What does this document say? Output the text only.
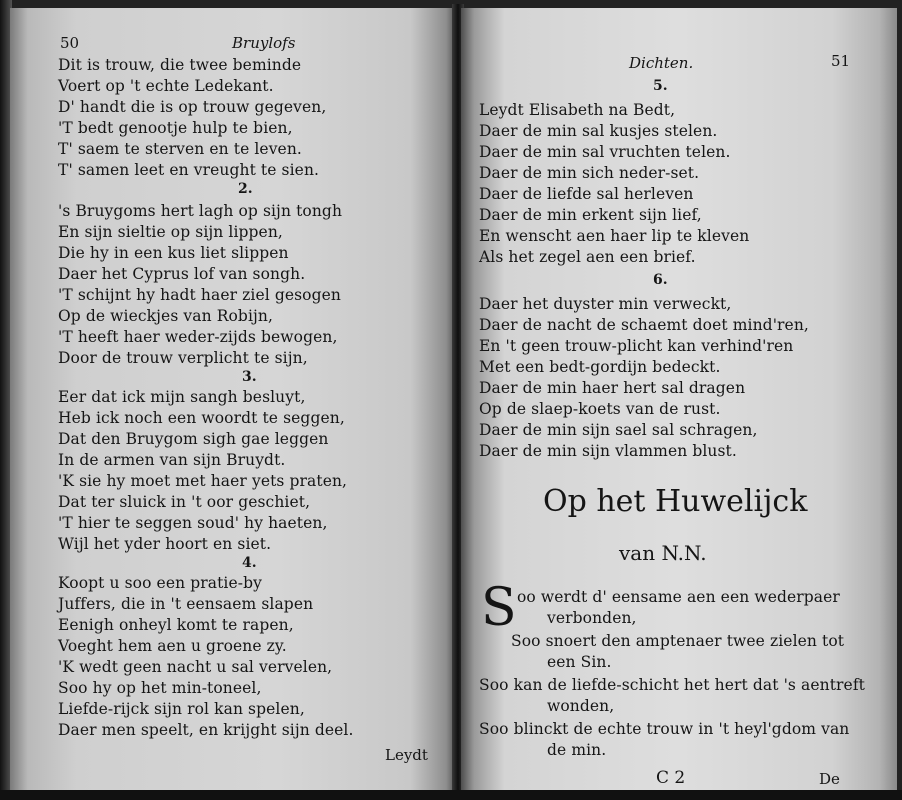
50	Bruylofs
Dit is trouw, die twee beminde
Voert op 't echte Ledekant.
D' handt die is op trouw gegeven,
'T bedt genootje hulp te bien,
T' saem te sterven en te leven.
T' samen leet en vreught te sien.
2.
's Bruygoms hert lagh op sijn tongh
En sijn sieltie op sijn lippen,
Die hy in een kus liet slippen
Daer het Cyprus lof van songh.
'T schijnt hy hadt haer ziel gesogen
Op de wieckjes van Robijn,
'T heeft haer weder-zijds bewogen,
Door de trouw verplicht te sijn,
3.
Eer dat ick mijn sangh besluyt,
Heb ick noch een woordt te seggen,
Dat den Bruygom sigh gae leggen
In de armen van sijn Bruydt.
'K sie hy moet met haer yets praten,
Dat ter sluick in 't oor geschiet,
'T hier te seggen soud' hy haeten,
Wijl het yder hoort en siet.
4.
Koopt u soo een pratie-by
Juffers, die in 't eensaem slapen
Eenigh onheyl komt te rapen,
Voeght hem aen u groene zy.
'K wedt geen nacht u sal vervelen,
Soo hy op het min-toneel,
Liefde-rijck sijn rol kan spelen,
Daer men speelt, en krijght sijn deel.
Leydt
Dichten.	51
5.
Leydt Elisabeth na Bedt,
Daer de min sal kusjes stelen.
Daer de min sal vruchten telen.
Daer de min sich neder-set.
Daer de liefde sal herleven
Daer de min erkent sijn lief,
En wenscht aen haer lip te kleven
Als het zegel aen een brief.
6.
Daer het duyster min verweckt,
Daer de nacht de schaemt doet mind'ren,
En 't geen trouw-plicht kan verhind'ren
Met een bedt-gordijn bedeckt.
Daer de min haer hert sal dragen
Op de slaep-koets van de rust.
Daer de min sijn sael sal schragen,
Daer de min sijn vlammen blust.
Op het Huwelijck
van N.N.
S oo werdt d' eensame aen een wederpaer
verbonden,
Soo snoert den amptenaer twee zielen tot
een Sin.
Soo kan de liefde-schicht het hert dat 's aentreft
wonden,
Soo blinckt de echte trouw in 't heyl'gdom van
de min.
C 2	De
